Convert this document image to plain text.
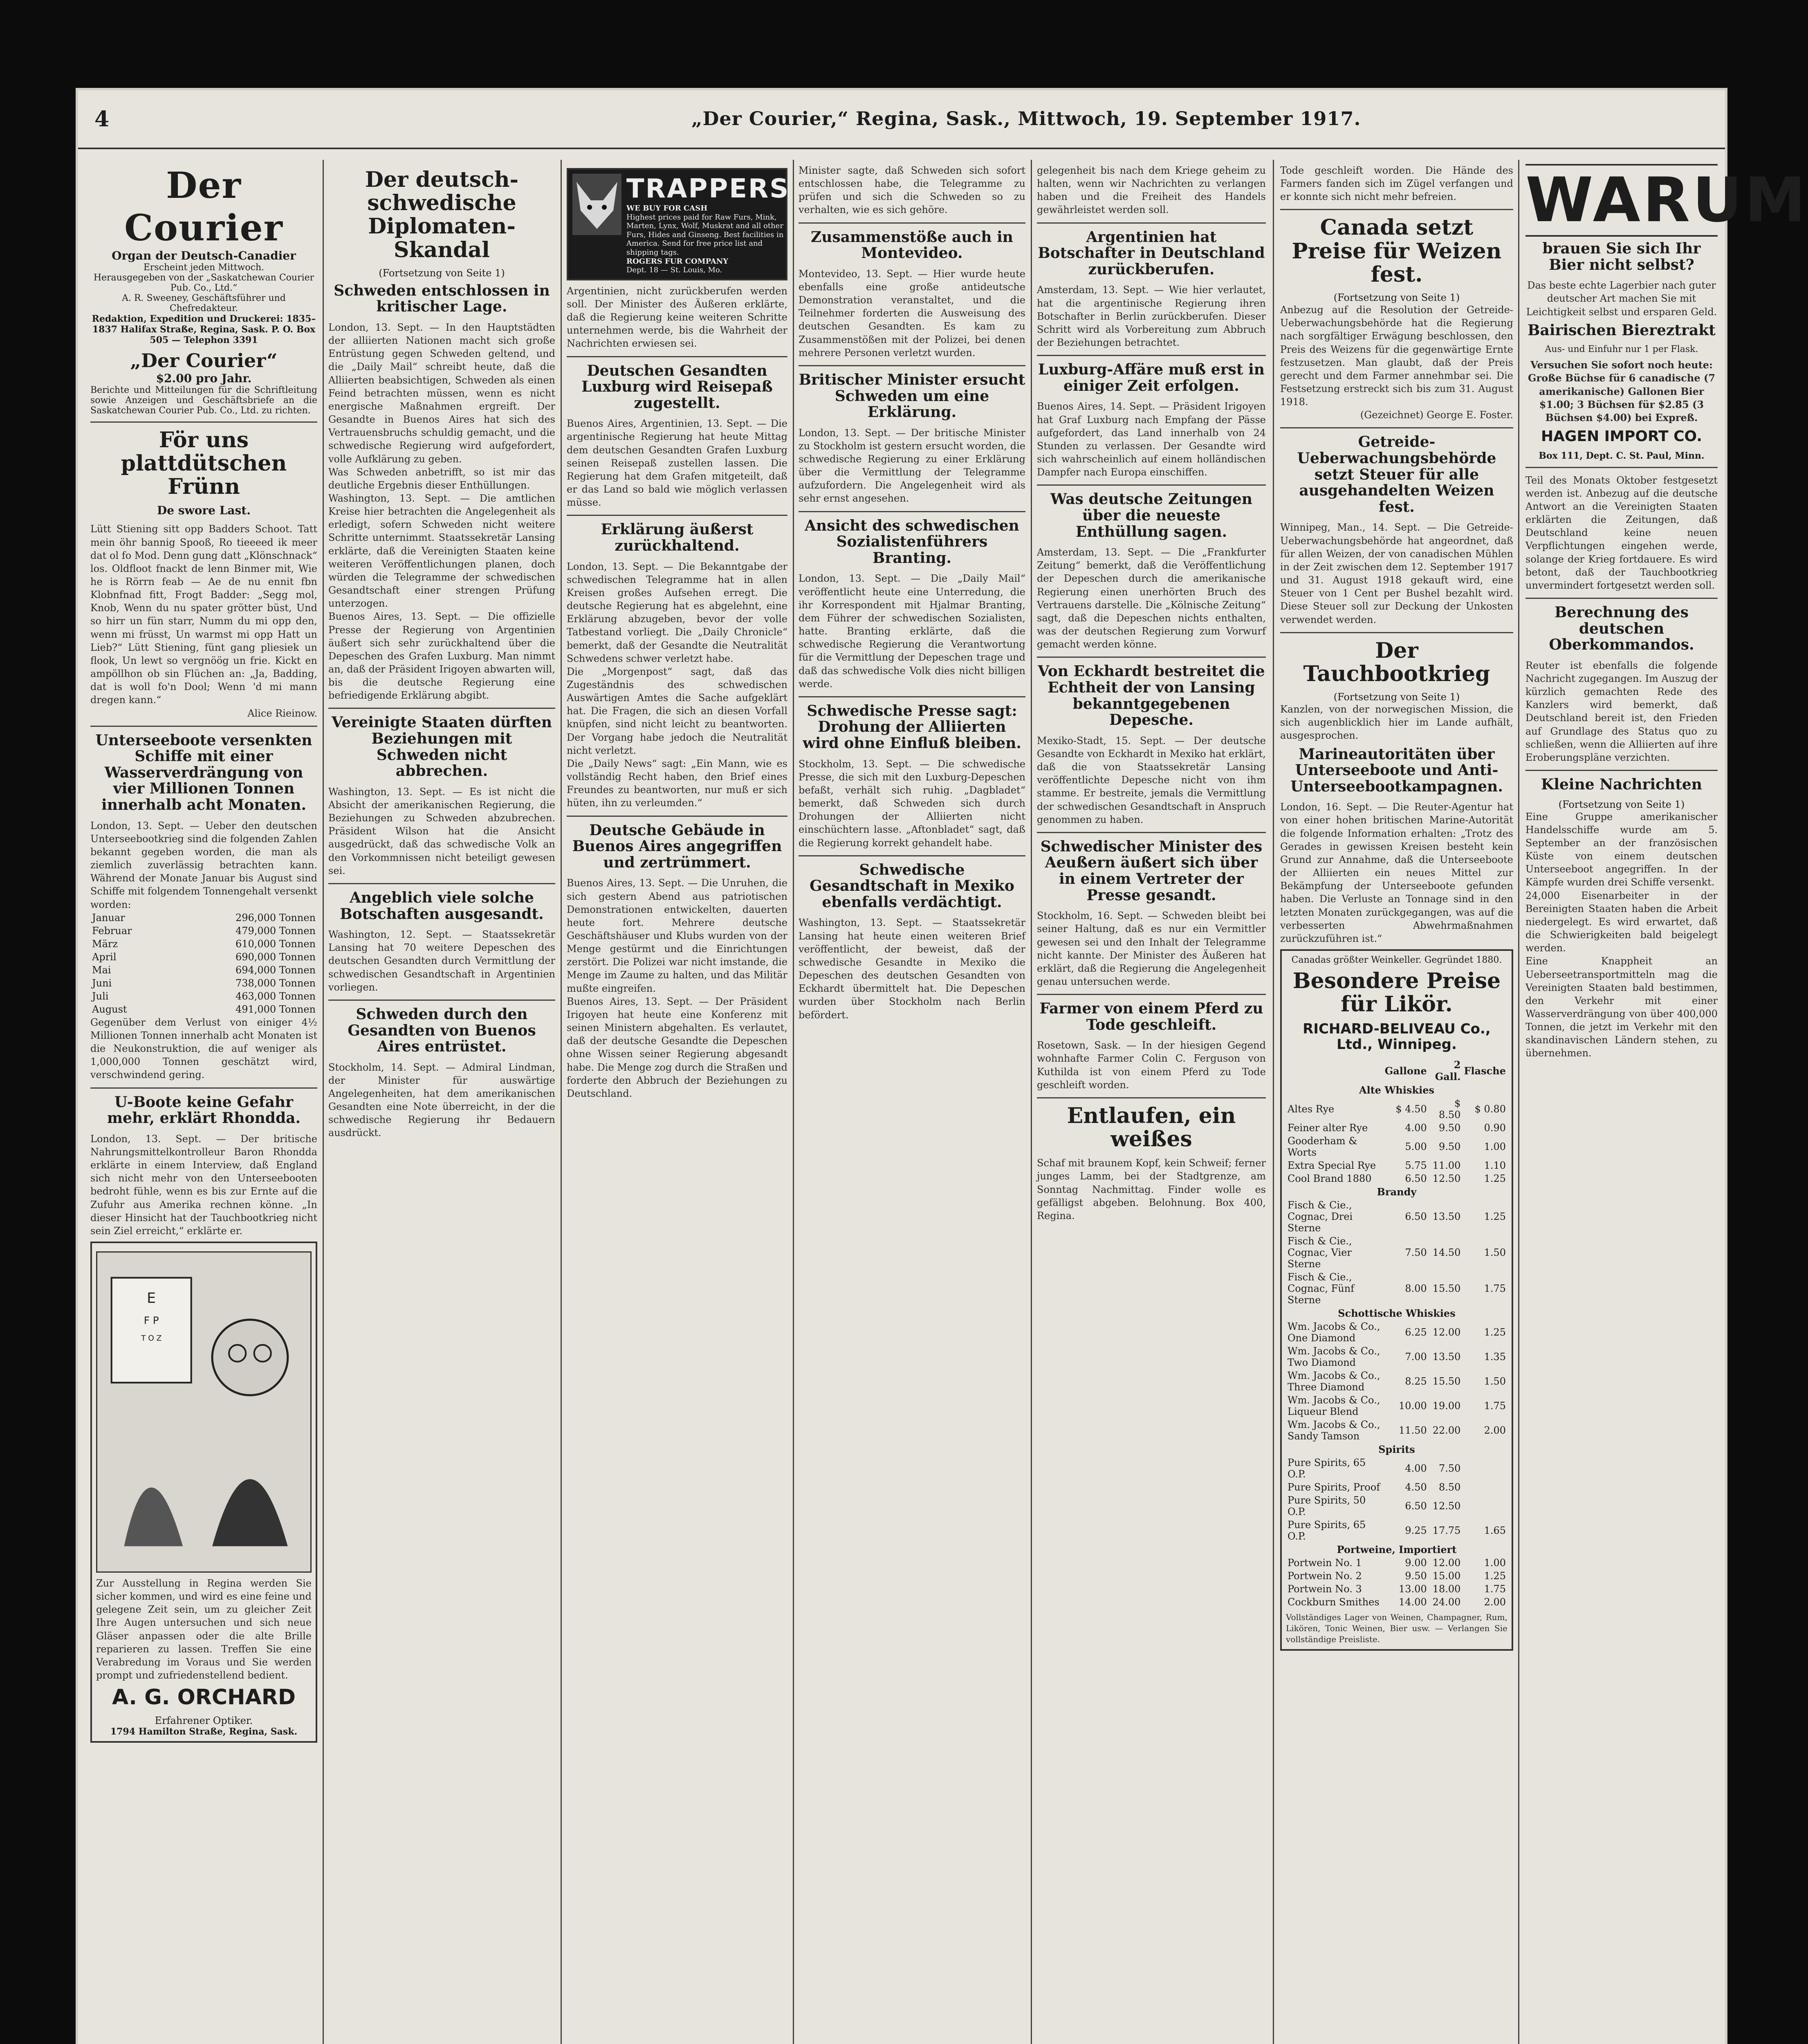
4	„Der Courier,“ Regina, Sask., Mittwoch, 19. September 1917.
Der Courier
Organ der Deutsch-Canadier
Erscheint jeden Mittwoch.
Herausgegeben von der „Saskatchewan Courier Pub. Co., Ltd.“
A. R. Sweeney, Geschäftsführer und Chefredakteur.
Redaktion, Expedition und Druckerei: 1835–1837 Halifax Straße, Regina, Sask. P. O. Box 505 — Telephon 3391
„Der Courier“
$2.00 pro Jahr.
Berichte und Mitteilungen für die Schriftleitung sowie Anzeigen und Geschäftsbriefe an die Saskatchewan Courier Pub. Co., Ltd. zu richten.
För uns plattdütschen Frünn
De swore Last.
Lütt Stiening sitt opp Badders Schoot. Tatt mein öhr bannig Spooß, Ro tieeeed ik meer dat ol fo Mod. Denn gung datt „Klönschnack“ los. Oldfloot fnackt de lenn Binmer mit, Wie he is Rörrn feab — Ae de nu ennit fbn Klobnfnad fitt, Frogt Badder: „Segg mol, Knob, Wenn du nu spater grötter büst, Und so hirr un fün starr, Numm du mi opp den, wenn mi früsst, Un warmst mi opp Hatt un Lieb?“ Lütt Stiening, fünt gang pliesiek un flook, Un lewt so vergnöög un frie. Kickt en ampöllhon ob sin Flüchen an: „Ja, Badding, dat is woll fo'n Dool; Wenn 'd mi mann dregen kann.“
Alice Rieinow.
Unterseeboote versenkten Schiffe mit einer Wasserverdrängung von vier Millionen Tonnen innerhalb acht Monaten.
London, 13. Sept. — Ueber den deutschen Unterseebootkrieg sind die folgenden Zahlen bekannt gegeben worden, die man als ziemlich zuverlässig betrachten kann. Während der Monate Januar bis August sind Schiffe mit folgendem Tonnengehalt versenkt worden:
Januar	296,000 Tonnen
Februar	479,000 Tonnen
März	610,000 Tonnen
April	690,000 Tonnen
Mai	694,000 Tonnen
Juni	738,000 Tonnen
Juli	463,000 Tonnen
August	491,000 Tonnen
Gegenüber dem Verlust von einiger 4½ Millionen Tonnen innerhalb acht Monaten ist die Neukonstruktion, die auf weniger als 1,000,000 Tonnen geschätzt wird, verschwindend gering.
U-Boote keine Gefahr mehr, erklärt Rhondda.
London, 13. Sept. — Der britische Nahrungsmittelkontrolleur Baron Rhondda erklärte in einem Interview, daß England sich nicht mehr von den Unterseebooten bedroht fühle, wenn es bis zur Ernte auf die Zufuhr aus Amerika rechnen könne. „In dieser Hinsicht hat der Tauchbootkrieg nicht sein Ziel erreicht,“ erklärte er.
E
F P
T O Z
Zur Ausstellung in Regina werden Sie sicher kommen, und wird es eine feine und gelegene Zeit sein, um zu gleicher Zeit Ihre Augen untersuchen und sich neue Gläser anpassen oder die alte Brille reparieren zu lassen. Treffen Sie eine Verabredung im Voraus und Sie werden prompt und zufriedenstellend bedient.
A. G. ORCHARD
Erfahrener Optiker.
1794 Hamilton Straße, Regina, Sask.
Der deutsch-schwedische Diplomaten-Skandal
(Fortsetzung von Seite 1)
Schweden entschlossen in kritischer Lage.
London, 13. Sept. — In den Hauptstädten der alliierten Nationen macht sich große Entrüstung gegen Schweden geltend, und die „Daily Mail“ schreibt heute, daß die Alliierten beabsichtigen, Schweden als einen Feind betrachten müssen, wenn es nicht energische Maßnahmen ergreift. Der Gesandte in Buenos Aires hat sich des Vertrauensbruchs schuldig gemacht, und die schwedische Regierung wird aufgefordert, volle Aufklärung zu geben.
Was Schweden anbetrifft, so ist mir das deutliche Ergebnis dieser Enthüllungen.
Washington, 13. Sept. — Die amtlichen Kreise hier betrachten die Angelegenheit als erledigt, sofern Schweden nicht weitere Schritte unternimmt. Staatssekretär Lansing erklärte, daß die Vereinigten Staaten keine weiteren Veröffentlichungen planen, doch würden die Telegramme der schwedischen Gesandtschaft einer strengen Prüfung unterzogen.
Buenos Aires, 13. Sept. — Die offizielle Presse der Regierung von Argentinien äußert sich sehr zurückhaltend über die Depeschen des Grafen Luxburg. Man nimmt an, daß der Präsident Irigoyen abwarten will, bis die deutsche Regierung eine befriedigende Erklärung abgibt.
Vereinigte Staaten dürften Beziehungen mit Schweden nicht abbrechen.
Washington, 13. Sept. — Es ist nicht die Absicht der amerikanischen Regierung, die Beziehungen zu Schweden abzubrechen. Präsident Wilson hat die Ansicht ausgedrückt, daß das schwedische Volk an den Vorkommnissen nicht beteiligt gewesen sei.
Angeblich viele solche Botschaften ausgesandt.
Washington, 12. Sept. — Staatssekretär Lansing hat 70 weitere Depeschen des deutschen Gesandten durch Vermittlung der schwedischen Gesandtschaft in Argentinien vorliegen.
Schweden durch den Gesandten von Buenos Aires entrüstet.
Stockholm, 14. Sept. — Admiral Lindman, der Minister für auswärtige Angelegenheiten, hat dem amerikanischen Gesandten eine Note überreicht, in der die schwedische Regierung ihr Bedauern ausdrückt.
TRAPPERS
WE BUY FOR CASH
Highest prices paid for Raw Furs, Mink, Marten, Lynx, Wolf, Muskrat and all other Furs, Hides and Ginseng. Best facilities in America. Send for free price list and shipping tags.
ROGERS FUR COMPANY
Dept. 18 — St. Louis, Mo.
Argentinien, nicht zurückberufen werden soll. Der Minister des Äußeren erklärte, daß die Regierung keine weiteren Schritte unternehmen werde, bis die Wahrheit der Nachrichten erwiesen sei.
Deutschen Gesandten Luxburg wird Reisepaß zugestellt.
Buenos Aires, Argentinien, 13. Sept. — Die argentinische Regierung hat heute Mittag dem deutschen Gesandten Grafen Luxburg seinen Reisepaß zustellen lassen. Die Regierung hat dem Grafen mitgeteilt, daß er das Land so bald wie möglich verlassen müsse.
Erklärung äußerst zurückhaltend.
London, 13. Sept. — Die Bekanntgabe der schwedischen Telegramme hat in allen Kreisen großes Aufsehen erregt. Die deutsche Regierung hat es abgelehnt, eine Erklärung abzugeben, bevor der volle Tatbestand vorliegt. Die „Daily Chronicle“ bemerkt, daß der Gesandte die Neutralität Schwedens schwer verletzt habe.
Die „Morgenpost“ sagt, daß das Zugeständnis des schwedischen Auswärtigen Amtes die Sache aufgeklärt hat. Die Fragen, die sich an diesen Vorfall knüpfen, sind nicht leicht zu beantworten. Der Vorgang habe jedoch die Neutralität nicht verletzt.
Die „Daily News“ sagt: „Ein Mann, wie es vollständig Recht haben, den Brief eines Freundes zu beantworten, nur muß er sich hüten, ihn zu verleumden.“
Deutsche Gebäude in Buenos Aires angegriffen und zertrümmert.
Buenos Aires, 13. Sept. — Die Unruhen, die sich gestern Abend aus patriotischen Demonstrationen entwickelten, dauerten heute fort. Mehrere deutsche Geschäftshäuser und Klubs wurden von der Menge gestürmt und die Einrichtungen zerstört. Die Polizei war nicht imstande, die Menge im Zaume zu halten, und das Militär mußte eingreifen.
Buenos Aires, 13. Sept. — Der Präsident Irigoyen hat heute eine Konferenz mit seinen Ministern abgehalten. Es verlautet, daß der deutsche Gesandte die Depeschen ohne Wissen seiner Regierung abgesandt habe. Die Menge zog durch die Straßen und forderte den Abbruch der Beziehungen zu Deutschland.
Minister sagte, daß Schweden sich sofort entschlossen habe, die Telegramme zu prüfen und sich die Schweden so zu verhalten, wie es sich gehöre.
Zusammenstöße auch in Montevideo.
Montevideo, 13. Sept. — Hier wurde heute ebenfalls eine große antideutsche Demonstration veranstaltet, und die Teilnehmer forderten die Ausweisung des deutschen Gesandten. Es kam zu Zusammenstößen mit der Polizei, bei denen mehrere Personen verletzt wurden.
Britischer Minister ersucht Schweden um eine Erklärung.
London, 13. Sept. — Der britische Minister zu Stockholm ist gestern ersucht worden, die schwedische Regierung zu einer Erklärung über die Vermittlung der Telegramme aufzufordern. Die Angelegenheit wird als sehr ernst angesehen.
Ansicht des schwedischen Sozialistenführers Branting.
London, 13. Sept. — Die „Daily Mail“ veröffentlicht heute eine Unterredung, die ihr Korrespondent mit Hjalmar Branting, dem Führer der schwedischen Sozialisten, hatte. Branting erklärte, daß die schwedische Regierung die Verantwortung für die Vermittlung der Depeschen trage und daß das schwedische Volk dies nicht billigen werde.
Schwedische Presse sagt: Drohung der Alliierten wird ohne Einfluß bleiben.
Stockholm, 13. Sept. — Die schwedische Presse, die sich mit den Luxburg-Depeschen befaßt, verhält sich ruhig. „Dagbladet“ bemerkt, daß Schweden sich durch Drohungen der Alliierten nicht einschüchtern lasse. „Aftonbladet“ sagt, daß die Regierung korrekt gehandelt habe.
Schwedische Gesandtschaft in Mexiko ebenfalls verdächtigt.
Washington, 13. Sept. — Staatssekretär Lansing hat heute einen weiteren Brief veröffentlicht, der beweist, daß der schwedische Gesandte in Mexiko die Depeschen des deutschen Gesandten von Eckhardt übermittelt hat. Die Depeschen wurden über Stockholm nach Berlin befördert.
gelegenheit bis nach dem Kriege geheim zu halten, wenn wir Nachrichten zu verlangen haben und die Freiheit des Handels gewährleistet werden soll.
Argentinien hat Botschafter in Deutschland zurückberufen.
Amsterdam, 13. Sept. — Wie hier verlautet, hat die argentinische Regierung ihren Botschafter in Berlin zurückberufen. Dieser Schritt wird als Vorbereitung zum Abbruch der Beziehungen betrachtet.
Luxburg-Affäre muß erst in einiger Zeit erfolgen.
Buenos Aires, 14. Sept. — Präsident Irigoyen hat Graf Luxburg nach Empfang der Pässe aufgefordert, das Land innerhalb von 24 Stunden zu verlassen. Der Gesandte wird sich wahrscheinlich auf einem holländischen Dampfer nach Europa einschiffen.
Was deutsche Zeitungen über die neueste Enthüllung sagen.
Amsterdam, 13. Sept. — Die „Frankfurter Zeitung“ bemerkt, daß die Veröffentlichung der Depeschen durch die amerikanische Regierung einen unerhörten Bruch des Vertrauens darstelle. Die „Kölnische Zeitung“ sagt, daß die Depeschen nichts enthalten, was der deutschen Regierung zum Vorwurf gemacht werden könne.
Von Eckhardt bestreitet die Echtheit der von Lansing bekanntgegebenen Depesche.
Mexiko-Stadt, 15. Sept. — Der deutsche Gesandte von Eckhardt in Mexiko hat erklärt, daß die von Staatssekretär Lansing veröffentlichte Depesche nicht von ihm stamme. Er bestreite, jemals die Vermittlung der schwedischen Gesandtschaft in Anspruch genommen zu haben.
Schwedischer Minister des Aeußern äußert sich über in einem Vertreter der Presse gesandt.
Stockholm, 16. Sept. — Schweden bleibt bei seiner Haltung, daß es nur ein Vermittler gewesen sei und den Inhalt der Telegramme nicht kannte. Der Minister des Äußeren hat erklärt, daß die Regierung die Angelegenheit genau untersuchen werde.
Farmer von einem Pferd zu Tode geschleift.
Rosetown, Sask. — In der hiesigen Gegend wohnhafte Farmer Colin C. Ferguson von Kuthilda ist von einem Pferd zu Tode geschleift worden.
Entlaufen, ein weißes
Schaf mit braunem Kopf, kein Schweif; ferner junges Lamm, bei der Stadtgrenze, am Sonntag Nachmittag. Finder wolle es gefälligst abgeben. Belohnung. Box 400, Regina.
Tode geschleift worden. Die Hände des Farmers fanden sich im Zügel verfangen und er konnte sich nicht mehr befreien.
Canada setzt Preise für Weizen fest.
(Fortsetzung von Seite 1)
Anbezug auf die Resolution der Getreide-Ueberwachungsbehörde hat die Regierung nach sorgfältiger Erwägung beschlossen, den Preis des Weizens für die gegenwärtige Ernte festzusetzen. Man glaubt, daß der Preis gerecht und dem Farmer annehmbar sei. Die Festsetzung erstreckt sich bis zum 31. August 1918.
(Gezeichnet) George E. Foster.
Getreide-Ueberwachungsbehörde setzt Steuer für alle ausgehandelten Weizen fest.
Winnipeg, Man., 14. Sept. — Die Getreide-Ueberwachungsbehörde hat angeordnet, daß für allen Weizen, der von canadischen Mühlen in der Zeit zwischen dem 12. September 1917 und 31. August 1918 gekauft wird, eine Steuer von 1 Cent per Bushel bezahlt wird. Diese Steuer soll zur Deckung der Unkosten verwendet werden.
Der Tauchbootkrieg
(Fortsetzung von Seite 1)
Kanzlen, von der norwegischen Mission, die sich augenblicklich hier im Lande aufhält, ausgesprochen.
Marineautoritäten über Unterseeboote und Anti-Unterseebootkampagnen.
London, 16. Sept. — Die Reuter-Agentur hat von einer hohen britischen Marine-Autorität die folgende Information erhalten: „Trotz des Gerades in gewissen Kreisen besteht kein Grund zur Annahme, daß die Unterseeboote der Alliierten ein neues Mittel zur Bekämpfung der Unterseeboote gefunden haben. Die Verluste an Tonnage sind in den letzten Monaten zurückgegangen, was auf die verbesserten Abwehrmaßnahmen zurückzuführen ist.“
Canadas größter Weinkeller. Gegründet 1880.
Besondere Preise für Likör.
RICHARD-BELIVEAU Co., Ltd., Winnipeg.
	Gallone	2 Gall.	Flasche
Alte Whiskies			
Altes Rye	$ 4.50	$ 8.50	$ 0.80
Feiner alter Rye	4.00	9.50	0.90
Gooderham & Worts	5.00	9.50	1.00
Extra Special Rye	5.75	11.00	1.10
Cool Brand 1880	6.50	12.50	1.25
Brandy			
Fisch & Cie., Cognac, Drei Sterne	6.50	13.50	1.25
Fisch & Cie., Cognac, Vier Sterne	7.50	14.50	1.50
Fisch & Cie., Cognac, Fünf Sterne	8.00	15.50	1.75
Schottische Whiskies			
Wm. Jacobs & Co., One Diamond	6.25	12.00	1.25
Wm. Jacobs & Co., Two Diamond	7.00	13.50	1.35
Wm. Jacobs & Co., Three Diamond	8.25	15.50	1.50
Wm. Jacobs & Co., Liqueur Blend	10.00	19.00	1.75
Wm. Jacobs & Co., Sandy Tamson	11.50	22.00	2.00
Spirits			
Pure Spirits, 65 O.P.	4.00	7.50	
Pure Spirits, Proof	4.50	8.50	
Pure Spirits, 50 O.P.	6.50	12.50	
Pure Spirits, 65 O.P.	9.25	17.75	1.65
Portweine, Importiert			
Portwein No. 1	9.00	12.00	1.00
Portwein No. 2	9.50	15.00	1.25
Portwein No. 3	13.00	18.00	1.75
Cockburn Smithes	14.00	24.00	2.00
Vollständiges Lager von Weinen, Champagner, Rum, Likören, Tonic Weinen, Bier usw. — Verlangen Sie vollständige Preisliste.
WARUM
brauen Sie sich Ihr Bier nicht selbst?
Das beste echte Lagerbier nach guter deutscher Art machen Sie mit Leichtigkeit selbst und ersparen Geld.
Bairischen Biereztrakt
Aus- und Einfuhr nur 1 per Flask.
Versuchen Sie sofort noch heute: Große Büchse für 6 canadische (7 amerikanische) Gallonen Bier $1.00; 3 Büchsen für $2.85 (3 Büchsen $4.00) bei Expreß.
HAGEN IMPORT CO.
Box 111, Dept. C. St. Paul, Minn.
Teil des Monats Oktober festgesetzt werden ist. Anbezug auf die deutsche Antwort an die Vereinigten Staaten erklärten die Zeitungen, daß Deutschland keine neuen Verpflichtungen eingehen werde, solange der Krieg fortdauere. Es wird betont, daß der Tauchbootkrieg unvermindert fortgesetzt werden soll.
Berechnung des deutschen Oberkommandos.
Reuter ist ebenfalls die folgende Nachricht zugegangen. Im Auszug der kürzlich gemachten Rede des Kanzlers wird bemerkt, daß Deutschland bereit ist, den Frieden auf Grundlage des Status quo zu schließen, wenn die Alliierten auf ihre Eroberungspläne verzichten.
Kleine Nachrichten
(Fortsetzung von Seite 1)
Eine Gruppe amerikanischer Handelsschiffe wurde am 5. September an der französischen Küste von einem deutschen Unterseeboot angegriffen. In der Kämpfe wurden drei Schiffe versenkt.
24,000 Eisenarbeiter in der Bereinigten Staaten haben die Arbeit niedergelegt. Es wird erwartet, daß die Schwierigkeiten bald beigelegt werden.
Eine Knappheit an Ueberseetransportmitteln mag die Vereinigten Staaten bald bestimmen, den Verkehr mit einer Wasserverdrängung von über 400,000 Tonnen, die jetzt im Verkehr mit den skandinavischen Ländern stehen, zu übernehmen.
